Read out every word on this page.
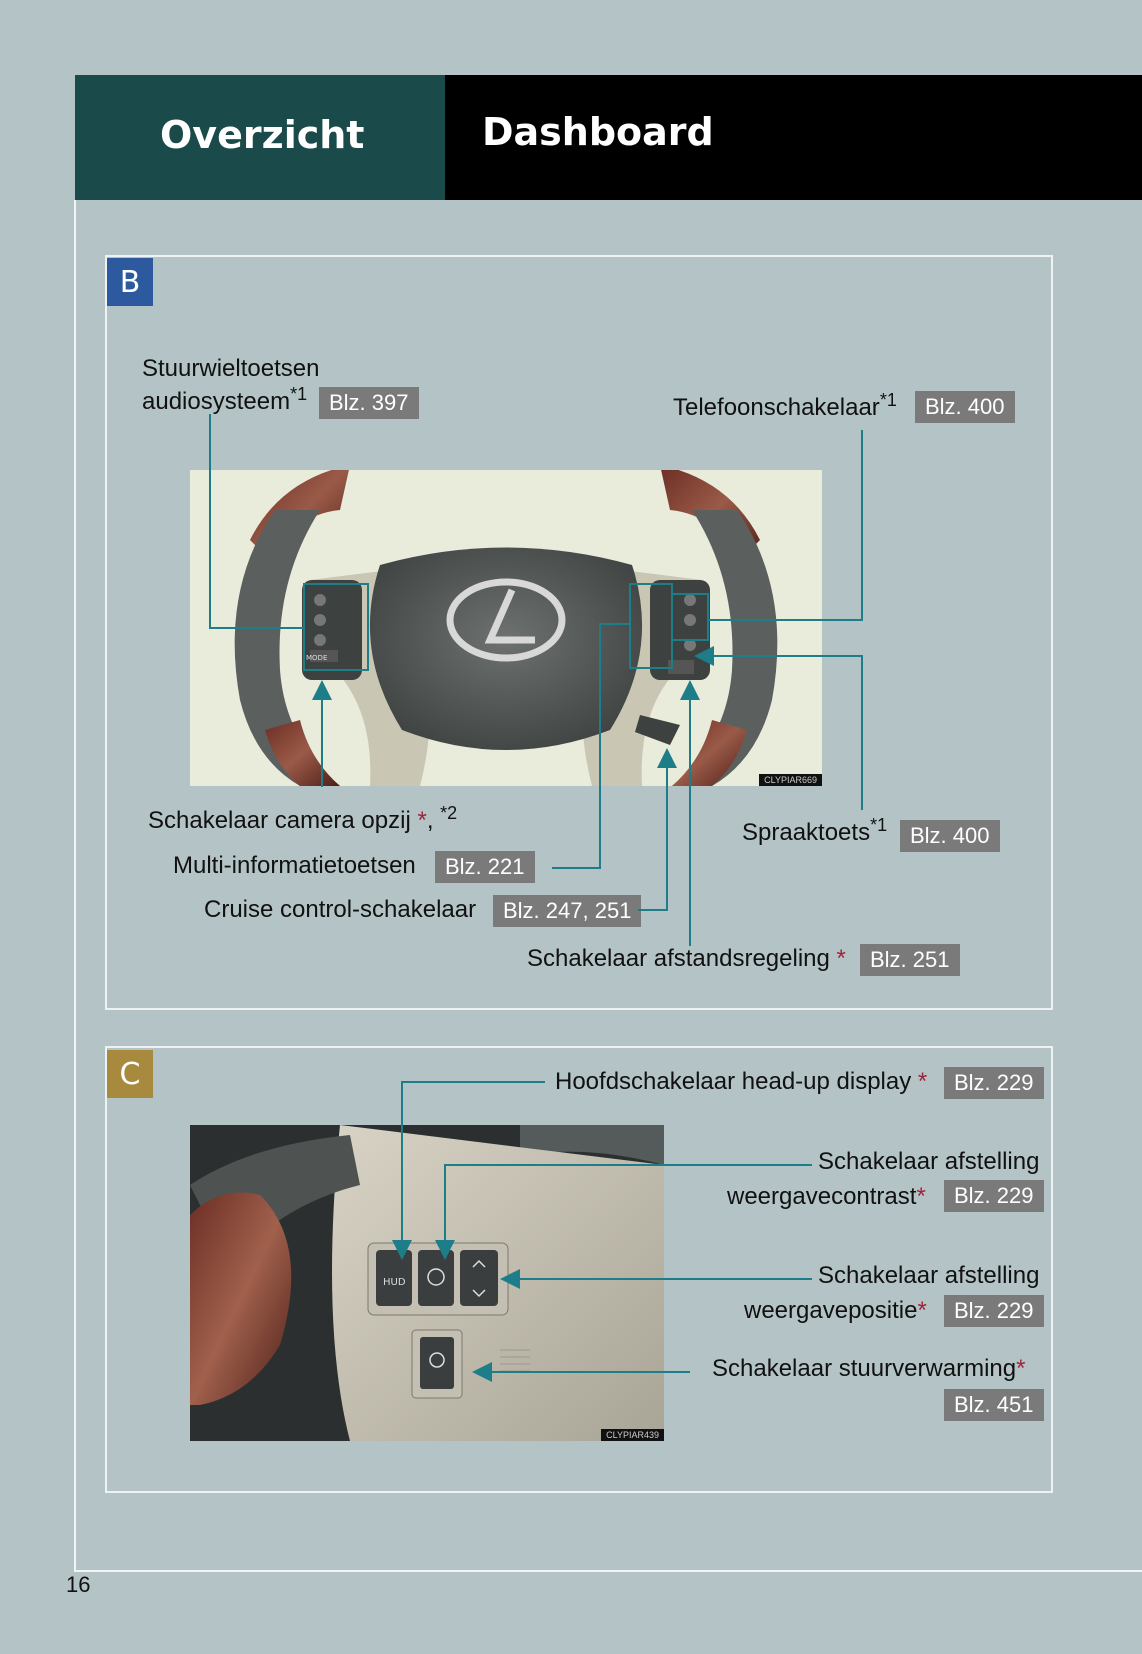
Overzicht	Dashboard
16
B
MODE
CLYPIAR669
Stuurwieltoetsen
audiosysteem$^{*1}$ Blz. 397	Telefoonschakelaar$^{*1}$	Blz. 400
Schakelaar camera opzij *, $^{*2}$
Multi-informatietoetsen	Blz. 221
Cruise control-schakelaar	Blz. 247, 251
Spraaktoets$^{*1}$	Blz. 400
Schakelaar afstandsregeling *	Blz. 251
C
HUD
CLYPIAR439
Hoofdschakelaar head-up display *	Blz. 229
Schakelaar afstelling
weergavecontrast*	Blz. 229
Schakelaar afstelling
weergavepositie*	Blz. 229
Schakelaar stuurverwarming*
Blz. 451
